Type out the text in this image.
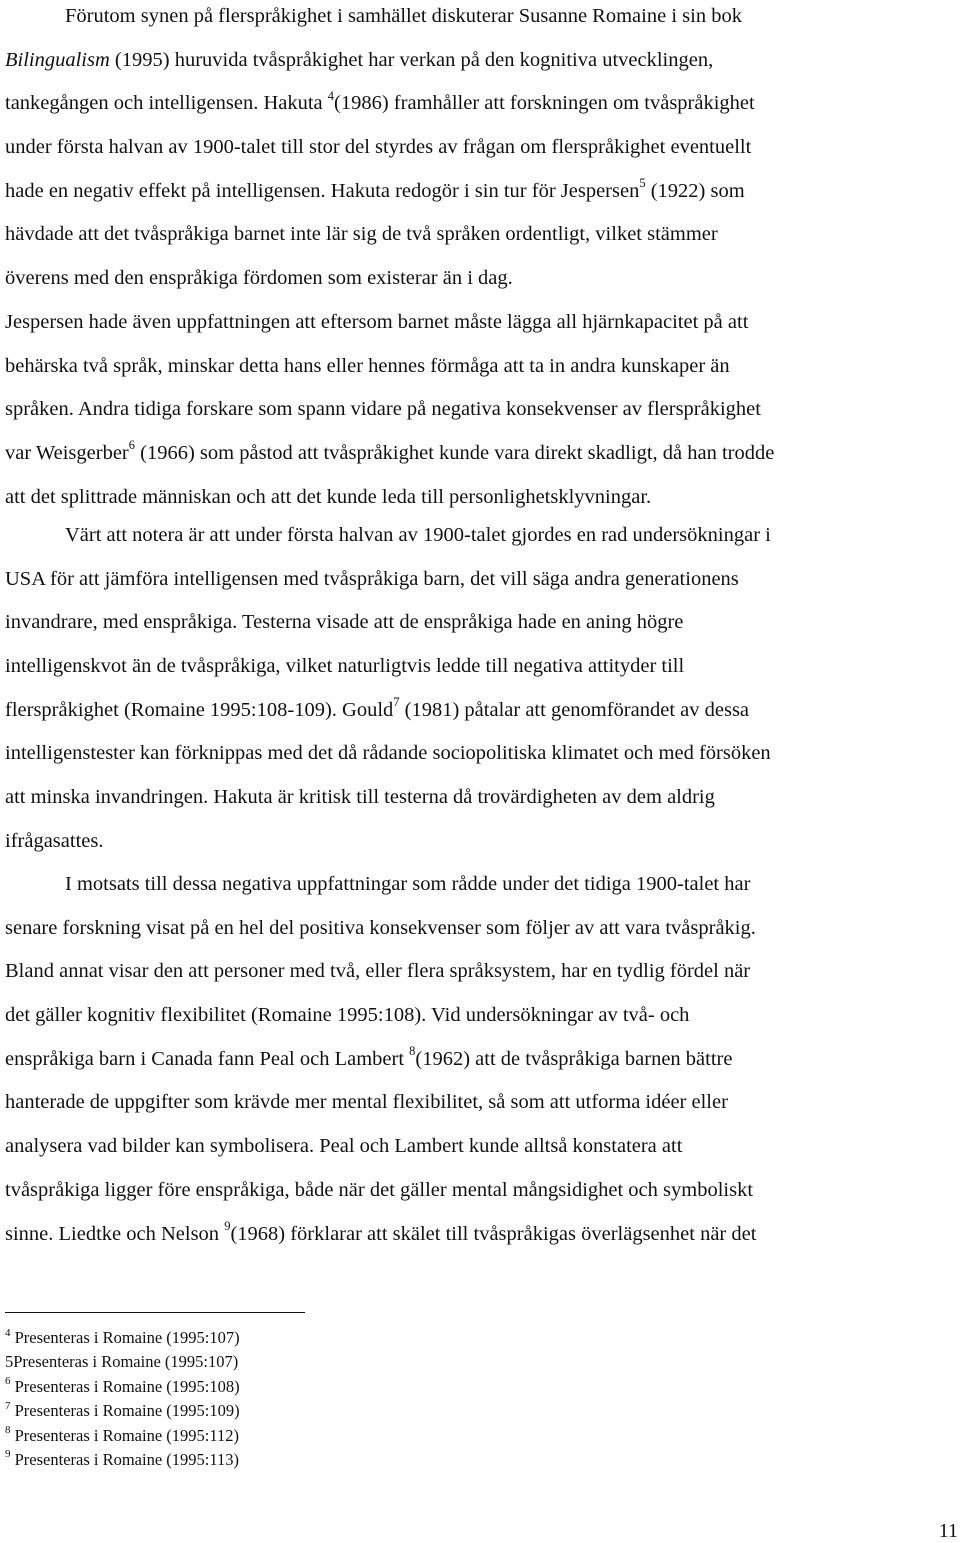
Förutom synen på flerspråkighet i samhället diskuterar Susanne Romaine i sin bok
Bilingualism (1995) huruvida tvåspråkighet har verkan på den kognitiva utvecklingen,
tankegången och intelligensen. Hakuta $^4$(1986) framhåller att forskningen om tvåspråkighet
under första halvan av 1900-talet till stor del styrdes av frågan om flerspråkighet eventuellt
hade en negativ effekt på intelligensen. Hakuta redogör i sin tur för Jespersen$^5$ (1922) som
hävdade att det tvåspråkiga barnet inte lär sig de två språken ordentligt, vilket stämmer
överens med den enspråkiga fördomen som existerar än i dag.
Jespersen hade även uppfattningen att eftersom barnet måste lägga all hjärnkapacitet på att
behärska två språk, minskar detta hans eller hennes förmåga att ta in andra kunskaper än
språken. Andra tidiga forskare som spann vidare på negativa konsekvenser av flerspråkighet
var Weisgerber$^6$ (1966) som påstod att tvåspråkighet kunde vara direkt skadligt, då han trodde
att det splittrade människan och att det kunde leda till personlighetsklyvningar.
Värt att notera är att under första halvan av 1900-talet gjordes en rad undersökningar i
USA för att jämföra intelligensen med tvåspråkiga barn, det vill säga andra generationens
invandrare, med enspråkiga. Testerna visade att de enspråkiga hade en aning högre
intelligenskvot än de tvåspråkiga, vilket naturligtvis ledde till negativa attityder till
flerspråkighet (Romaine 1995:108-109). Gould$^7$ (1981) påtalar att genomförandet av dessa
intelligenstester kan förknippas med det då rådande sociopolitiska klimatet och med försöken
att minska invandringen. Hakuta är kritisk till testerna då trovärdigheten av dem aldrig
ifrågasattes.
I motsats till dessa negativa uppfattningar som rådde under det tidiga 1900-talet har
senare forskning visat på en hel del positiva konsekvenser som följer av att vara tvåspråkig.
Bland annat visar den att personer med två, eller flera språksystem, har en tydlig fördel när
det gäller kognitiv flexibilitet (Romaine 1995:108). Vid undersökningar av två- och
enspråkiga barn i Canada fann Peal och Lambert $^8$(1962) att de tvåspråkiga barnen bättre
hanterade de uppgifter som krävde mer mental flexibilitet, så som att utforma idéer eller
analysera vad bilder kan symbolisera. Peal och Lambert kunde alltså konstatera att
tvåspråkiga ligger före enspråkiga, både när det gäller mental mångsidighet och symboliskt
sinne. Liedtke och Nelson $^9$(1968) förklarar att skälet till tvåspråkigas överlägsenhet när det
$^4$ Presenteras i Romaine (1995:107)
5Presenteras i Romaine (1995:107)
$^6$ Presenteras i Romaine (1995:108)
$^7$ Presenteras i Romaine (1995:109)
$^8$ Presenteras i Romaine (1995:112)
$^9$ Presenteras i Romaine (1995:113)
11
